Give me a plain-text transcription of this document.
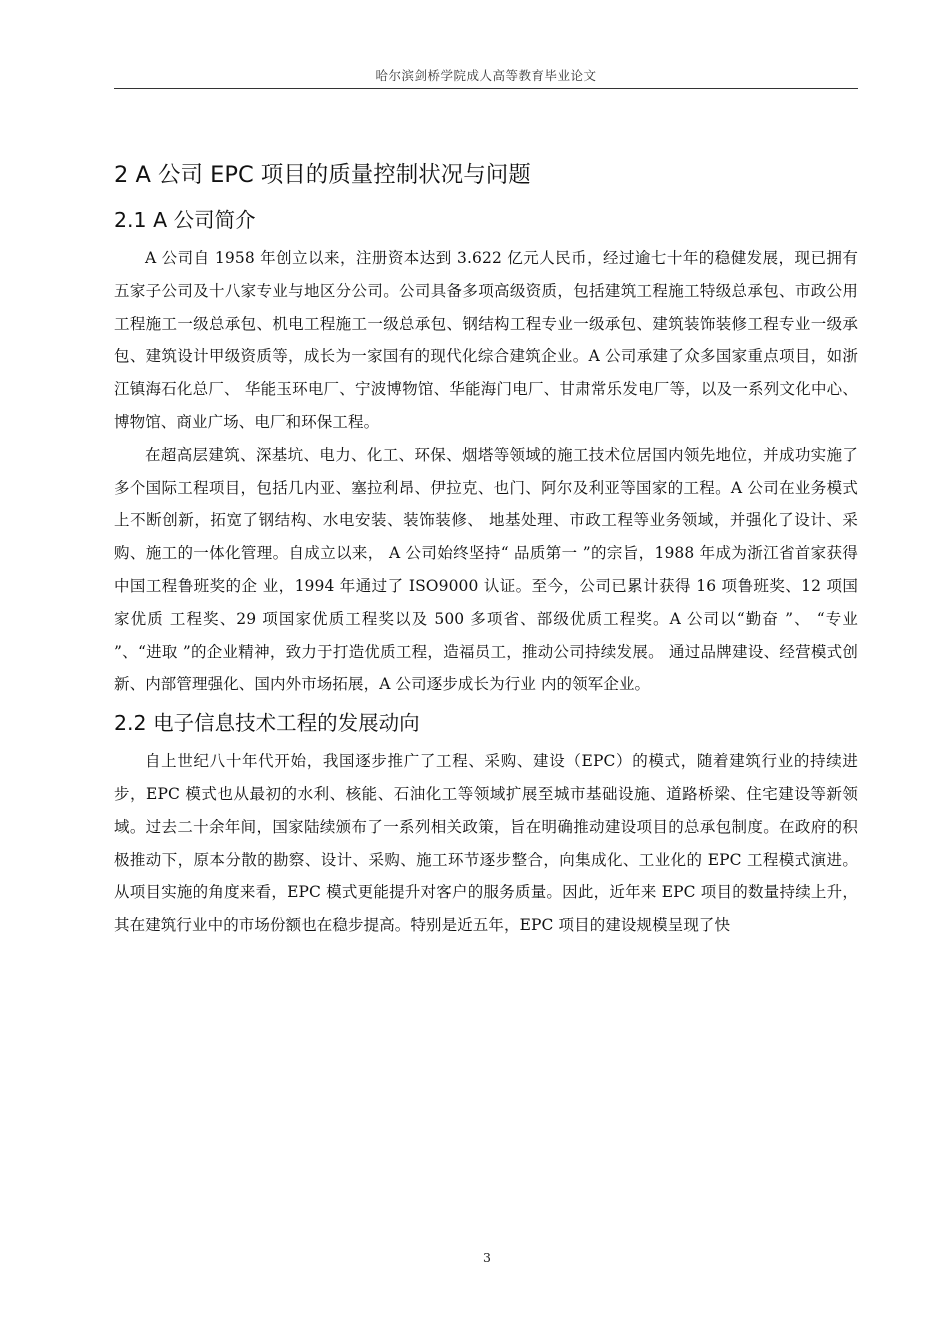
哈尔滨剑桥学院成人高等教育毕业论文
2 A 公司 EPC 项目的质量控制状况与问题
2.1 A 公司简介

A 公司自 1958 年创立以来，注册资本达到 3.622 亿元人民币，经过逾七十年的稳健发展，现已拥有五家子公司及十八家专业与地区分公司。公司具备多项高级资质，包括建筑工程施工特级总承包、市政公用工程施工一级总承包、机电工程施工一级总承包、钢结构工程专业一级承包、建筑装饰装修工程专业一级承包、建筑设计甲级资质等，成长为一家国有的现代化综合建筑企业。A 公司承建了众多国家重点项目，如浙江镇海石化总厂、 华能玉环电厂、宁波博物馆、华能海门电厂、甘肃常乐发电厂等，以及一系列文化中心、 博物馆、商业广场、电厂和环保工程。

在超高层建筑、深基坑、电力、化工、环保、烟塔等领域的施工技术位居国内领先地位，并成功实施了多个国际工程项目，包括几内亚、塞拉利昂、伊拉克、也门、阿尔及利亚等国家的工程。A 公司在业务模式上不断创新，拓宽了钢结构、水电安装、装饰装修、 地基处理、市政工程等业务领域，并强化了设计、采购、施工的一体化管理。自成立以来， A 公司始终坚持“ 品质第一 ”的宗旨，1988 年成为浙江省首家获得中国工程鲁班奖的企 业，1994 年通过了 ISO9000 认证。至今，公司已累计获得 16 项鲁班奖、12 项国家优质 工程奖、29 项国家优质工程奖以及 500 多项省、部级优质工程奖。A 公司以“勤奋 ”、 “专业 ”、“进取 ”的企业精神，致力于打造优质工程，造福员工，推动公司持续发展。 通过品牌建设、经营模式创新、内部管理强化、国内外市场拓展，A 公司逐步成长为行业 内的领军企业。

2.2 电子信息技术工程的发展动向

自上世纪八十年代开始，我国逐步推广了工程、采购、建设（EPC）的模式，随着建筑行业的持续进步，EPC 模式也从最初的水利、核能、石油化工等领域扩展至城市基础设施、道路桥梁、住宅建设等新领域。过去二十余年间，国家陆续颁布了一系列相关政策，旨在明确推动建设项目的总承包制度。在政府的积极推动下，原本分散的勘察、设计、采购、施工环节逐步整合，向集成化、工业化的 EPC 工程模式演进。从项目实施的角度来看，EPC 模式更能提升对客户的服务质量。因此，近年来 EPC 项目的数量持续上升，其在建筑行业中的市场份额也在稳步提高。特别是近五年，EPC 项目的建设规模呈现了快

3
